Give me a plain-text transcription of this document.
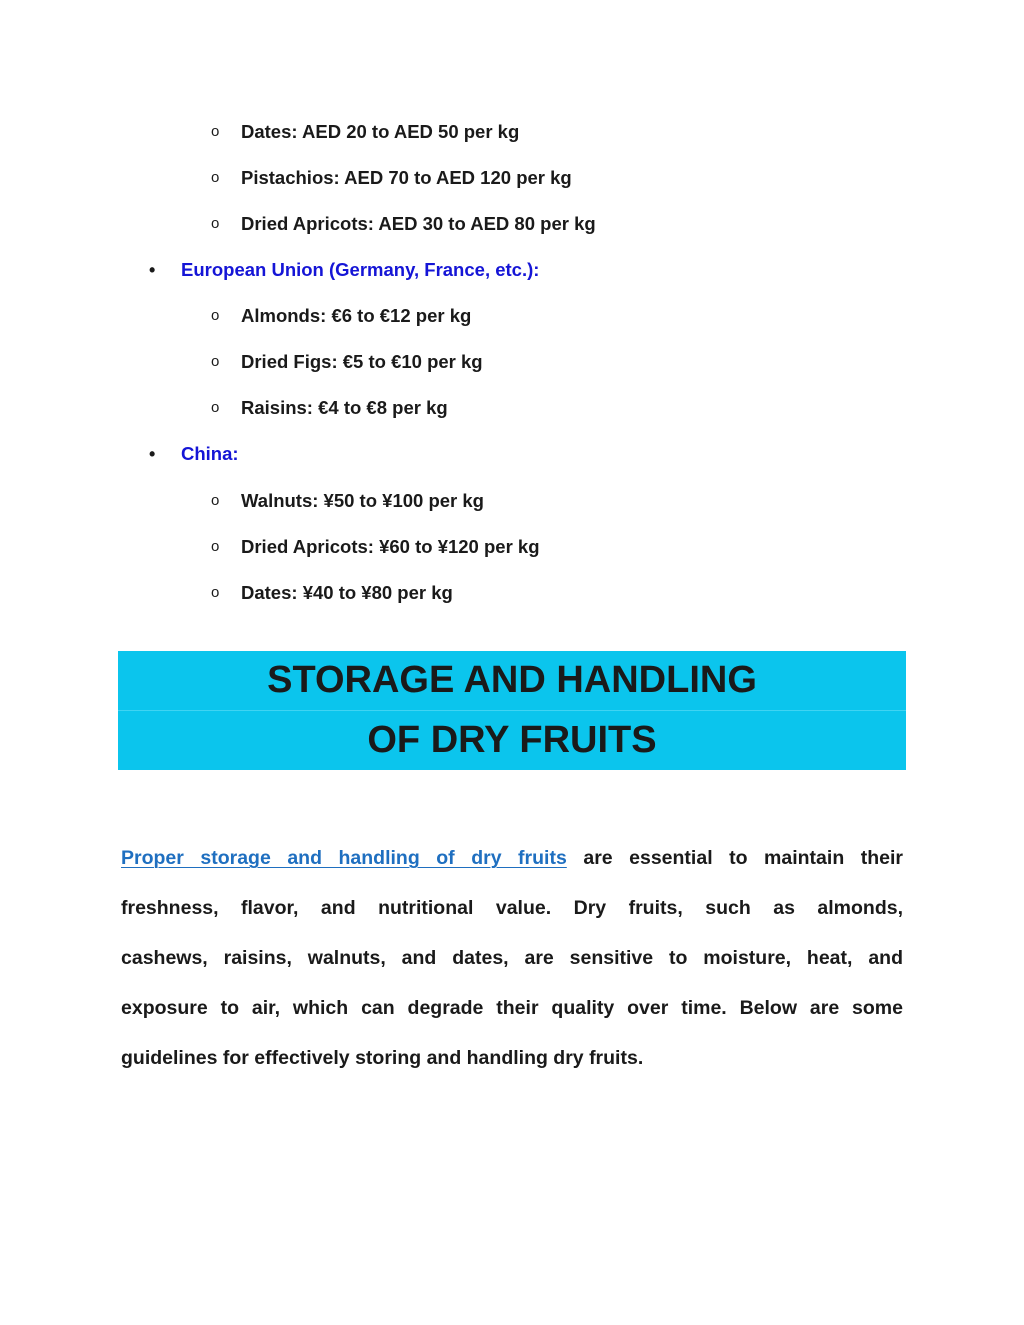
o Dates: AED 20 to AED 50 per kg
o Pistachios: AED 70 to AED 120 per kg
o Dried Apricots: AED 30 to AED 80 per kg
• European Union (Germany, France, etc.):
o Almonds: €6 to €12 per kg
o Dried Figs: €5 to €10 per kg
o Raisins: €4 to €8 per kg
• China:
o Walnuts: ¥50 to ¥100 per kg
o Dried Apricots: ¥60 to ¥120 per kg
o Dates: ¥40 to ¥80 per kg
STORAGE AND HANDLING
OF DRY FRUITS
Proper storage and handling of dry fruits are essential to maintain their
freshness, flavor, and nutritional value. Dry fruits, such as almonds,
cashews, raisins, walnuts, and dates, are sensitive to moisture, heat, and
exposure to air, which can degrade their quality over time. Below are some
guidelines for effectively storing and handling dry fruits.
